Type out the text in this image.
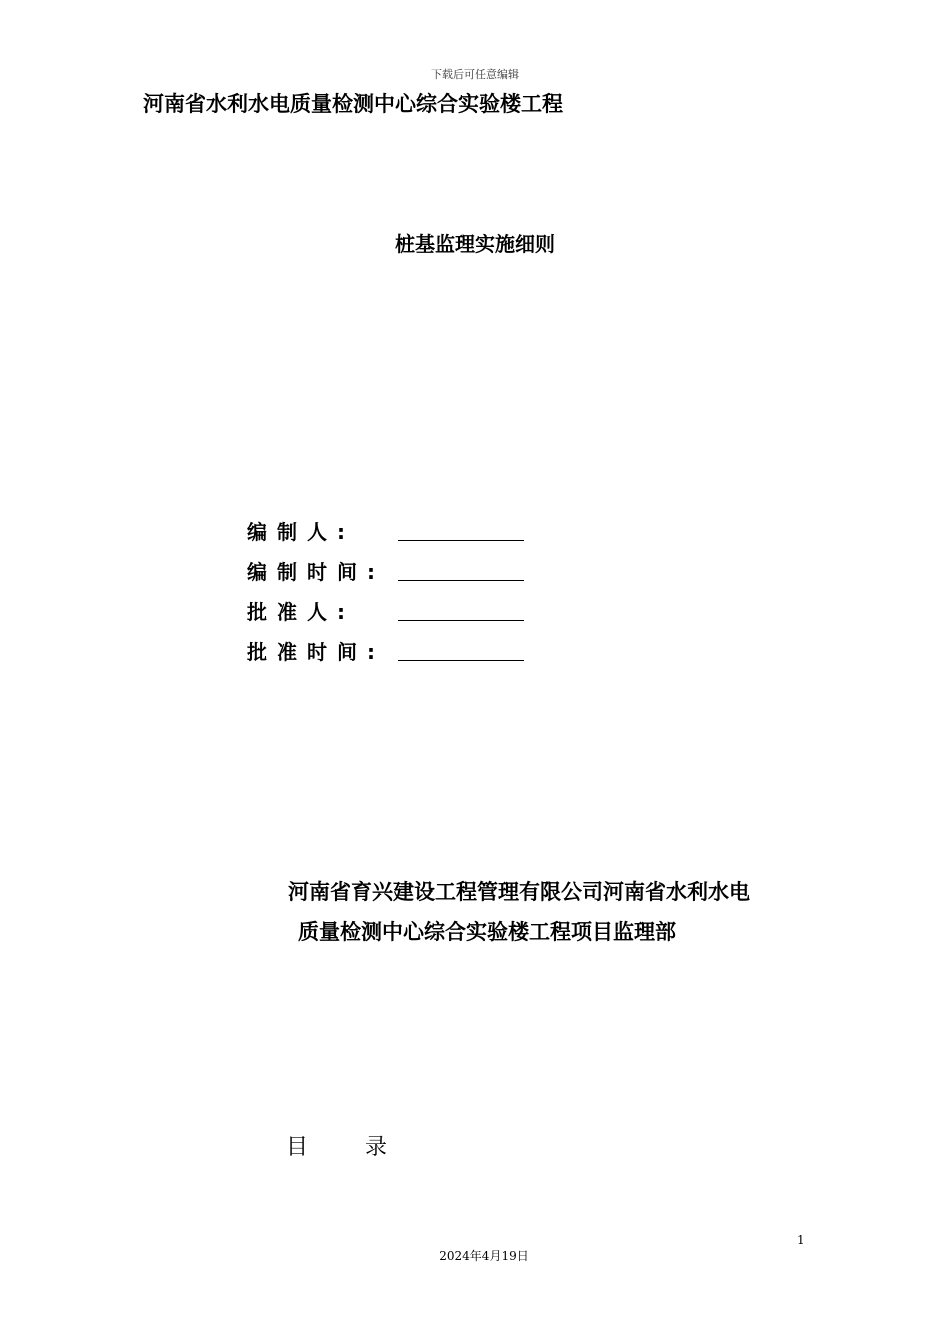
下载后可任意编辑
河南省水利水电质量检测中心综合实验楼工程
桩基监理实施细则
编制人:
编制时间:
批准人:
批准时间:
河南省育兴建设工程管理有限公司河南省水利水电
质量检测中心综合实验楼工程项目监理部
目	录
1
2024年4月19日
